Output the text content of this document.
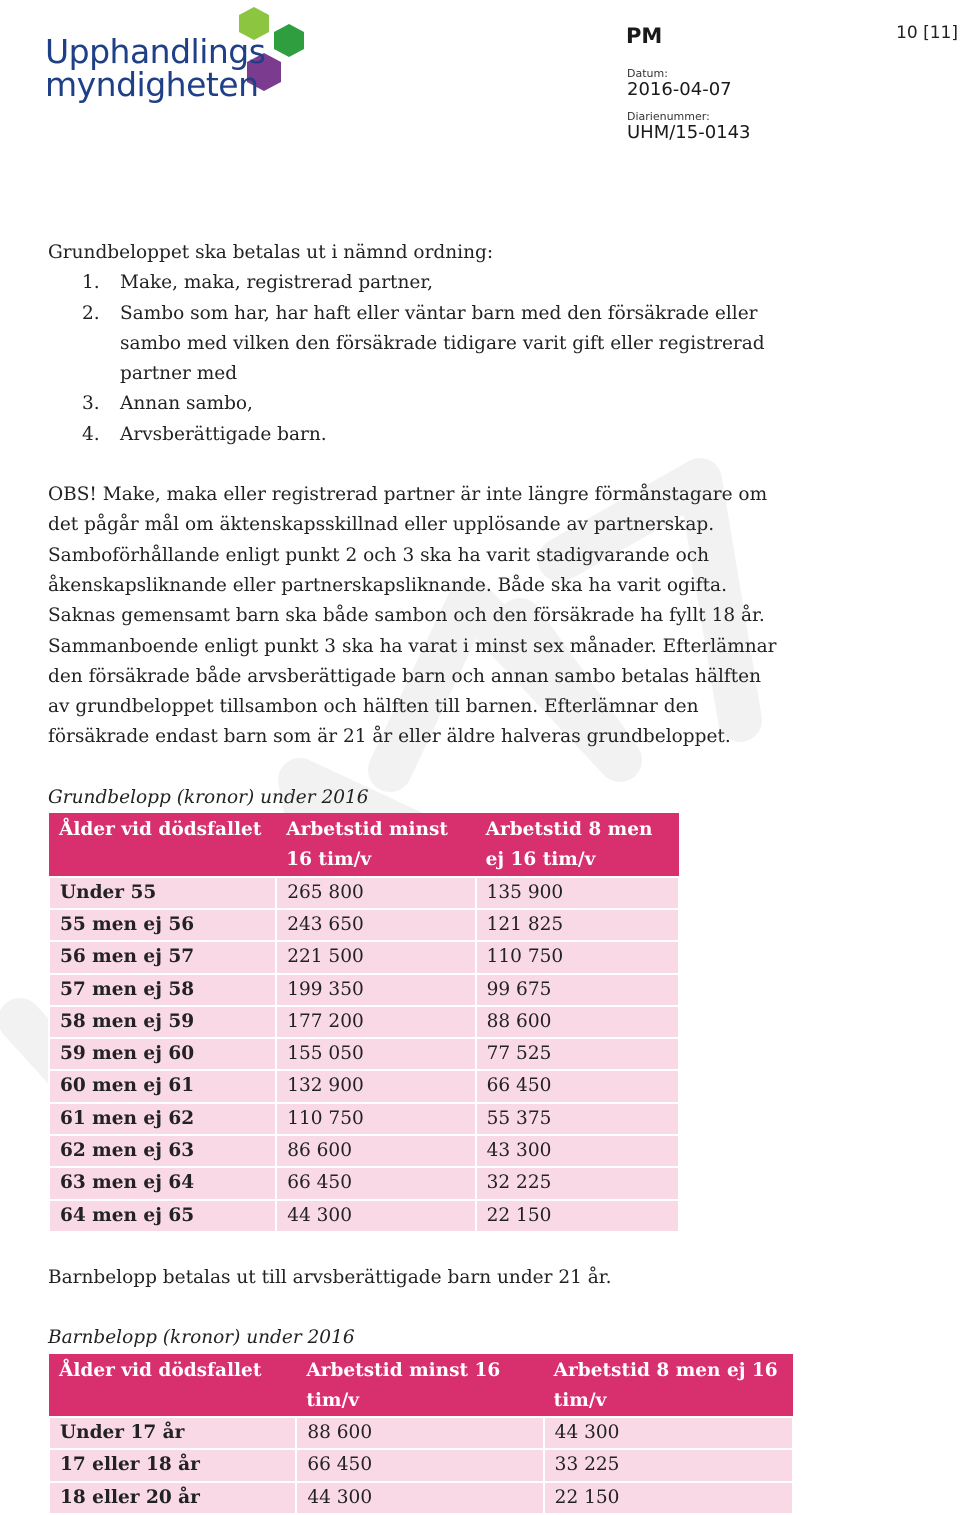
Upphandlings
myndigheten
10 [11]
PM
Datum:
2016-04-07
Diarienummer:
UHM/15-0143

Grundbeloppet ska betalas ut i nämnd ordning:

1. Make, maka, registrerad partner,
2. Sambo som har, har haft eller väntar barn med den försäkrade eller sambo med vilken den försäkrade tidigare varit gift eller registrerad partner med
3. Annan sambo,
4. Arvsberättigade barn.

OBS! Make, maka eller registrerad partner är inte längre förmånstagare om det pågår mål om äktenskapsskillnad eller upplösande av partnerskap. Samboförhållande enligt punkt 2 och 3 ska ha varit stadigvarande och åkenskapsliknande eller partnerskapsliknande. Både ska ha varit ogifta. Saknas gemensamt barn ska både sambon och den försäkrade ha fyllt 18 år. Sammanboende enligt punkt 3 ska ha varat i minst sex månader. Efterlämnar den försäkrade både arvsberättigade barn och annan sambo betalas hälften av grundbeloppet tillsambon och hälften till barnen. Efterlämnar den försäkrade endast barn som är 21 år eller äldre halveras grundbeloppet.

Grundbelopp (kronor) under 2016
Ålder vid dödsfallet	Arbetstid minst 16 tim/v	Arbetstid 8 men ej 16 tim/v
Under 55	265 800	135 900
55 men ej 56	243 650	121 825
56 men ej 57	221 500	110 750
57 men ej 58	199 350	99 675
58 men ej 59	177 200	88 600
59 men ej 60	155 050	77 525
60 men ej 61	132 900	66 450
61 men ej 62	110 750	55 375
62 men ej 63	86 600	43 300
63 men ej 64	66 450	32 225
64 men ej 65	44 300	22 150

Barnbelopp betalas ut till arvsberättigade barn under 21 år.

Barnbelopp (kronor) under 2016
Ålder vid dödsfallet	Arbetstid minst 16 tim/v	Arbetstid 8 men ej 16 tim/v
Under 17 år	88 600	44 300
17 eller 18 år	66 450	33 225
18 eller 20 år	44 300	22 150
